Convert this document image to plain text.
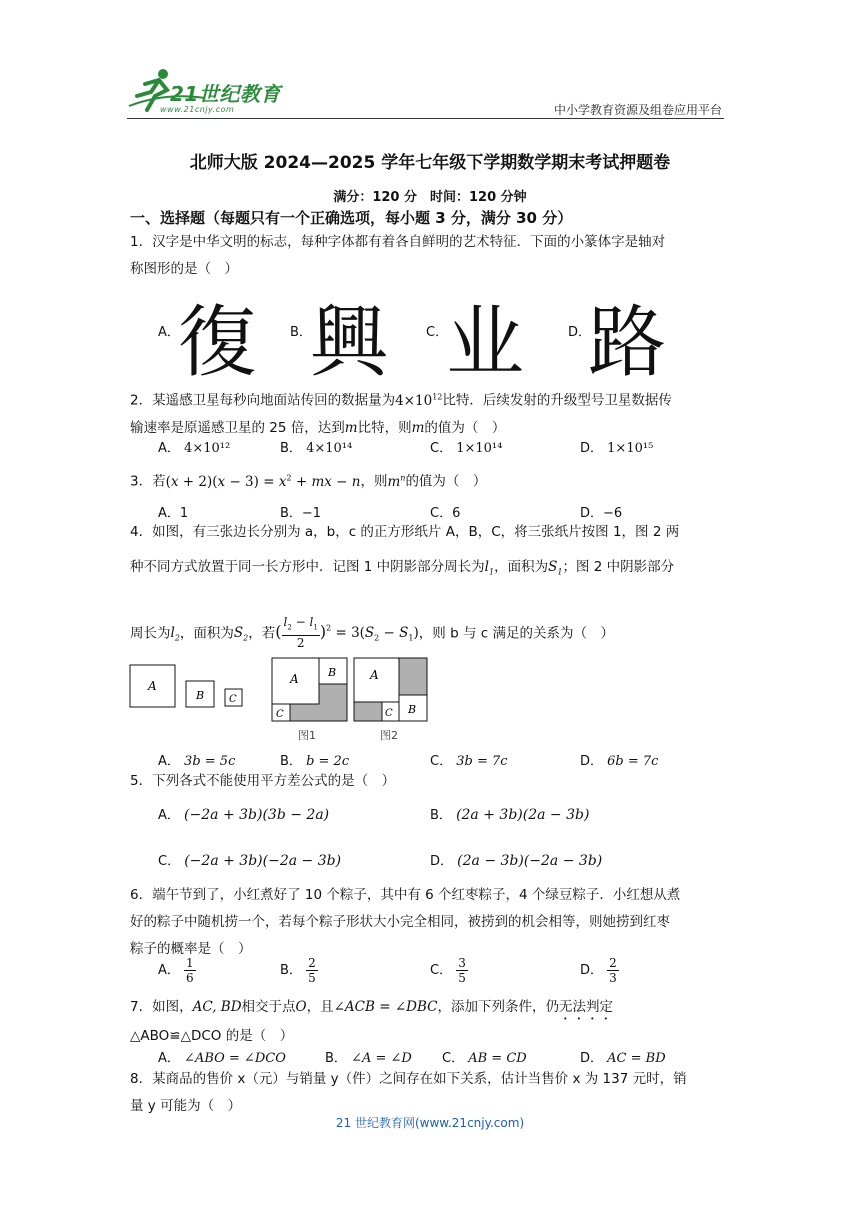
21世纪教育
www.21cnjy.com	中小学教育资源及组卷应用平台
北师大版 2024—2025 学年七年级下学期数学期末考试押题卷
满分：120 分　时间：120 分钟
一、选择题（每题只有一个正确选项，每小题 3 分，满分 30 分）
1．汉字是中华文明的标志，每种字体都有着各自鲜明的艺术特征．下面的小篆体字是轴对
称图形的是（　）
A．	B．	C．	D．
復 興 业 路
2．某遥感卫星每秒向地面站传回的数据量为$4\times 10^{12}$比特．后续发射的升级型号卫星数据传
输速率是原遥感卫星的 25 倍，达到m比特，则m的值为（　）
A． 4×10¹²	B． 4×10¹⁴	C． 1×10¹⁴	D． 1×10¹⁵
3．若$(x + 2)(x - 3) = x^2$ + mx − n，则$m^n$的值为（　）
A．1	B．−1	C．6	D．−6
4．如图，有三张边长分别为 a，b，c 的正方形纸片 A，B，C，将三张纸片按图 1，图 2 两
种不同方式放置于同一长方形中．记图 1 中阴影部分周长为$l_1$，面积为$S_1$；图 2 中阴影部分
周长为$l_2$，面积为$S_2$，若( $\frac{l_2 - l_1}{2} )^2 = 3(S_2 - S_1)$，则 b 与 c 满足的关系为（　）
A
B C
A	B
C
图1
A
B
C
图2
A． 3b = 5c	B． b = 2c	C． 3b = 7c	D． 6b = 7c
5．下列各式不能使用平方差公式的是（　）
A． (−2a + 3b)(3b − 2a)	B． (2a + 3b)(2a − 3b)
C． (−2a + 3b)(−2a − 3b)	D． (2a − 3b)(−2a − 3b)
6．端午节到了，小红煮好了 10 个粽子，其中有 6 个红枣粽子，4 个绿豆粽子．小红想从煮
好的粽子中随机捞一个，若每个粽子形状大小完全相同，被捞到的机会相等，则她捞到红枣
粽子的概率是（　）
A． $\frac{1}{6}$	B． $\frac{2}{5}$	C． $\frac{3}{5}$	D． $\frac{2}{3}$
7．如图，AC, BD相交于点O，且∠ACB = ∠DBC，添加下列条件，仍无法判定
△ABO≌△DCO 的是（　）
A． ∠ABO = ∠DCO	B． ∠A = ∠D C． AB = CD	D． AC = BD
8．某商品的售价 x（元）与销量 y（件）之间存在如下关系，估计当售价 x 为 137 元时，销
量 y 可能为（　）
21 世纪教育网(www.21cnjy.com)
